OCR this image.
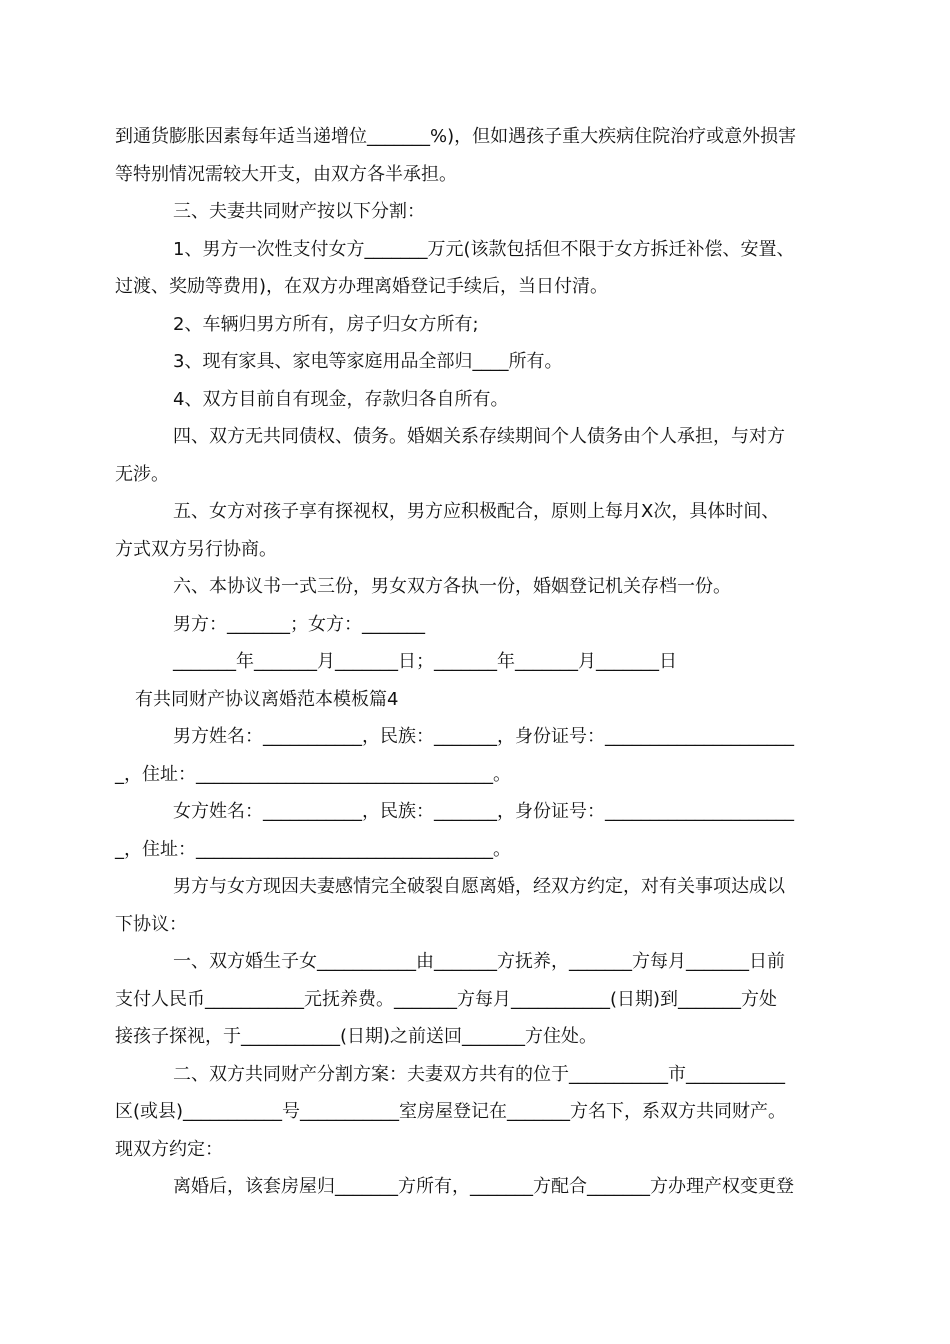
到通货膨胀因素每年适当递增位_______%)，但如遇孩子重大疾病住院治疗或意外损害

等特别情况需较大开支，由双方各半承担。

三、夫妻共同财产按以下分割：

1、男方一次性支付女方_______万元(该款包括但不限于女方拆迁补偿、安置、

过渡、奖励等费用)，在双方办理离婚登记手续后，当日付清。

2、车辆归男方所有，房子归女方所有;

3、现有家具、家电等家庭用品全部归____所有。

4、双方目前自有现金，存款归各自所有。

四、双方无共同债权、债务。婚姻关系存续期间个人债务由个人承担，与对方

无涉。

五、女方对孩子享有探视权，男方应积极配合，原则上每月X次，具体时间、

方式双方另行协商。

六、本协议书一式三份，男女双方各执一份，婚姻登记机关存档一份。

男方：_______；女方：_______

_______年_______月_______日；_______年_______月_______日

有共同财产协议离婚范本模板篇4

男方姓名：___________，民族：_______，身份证号：_____________________

_，住址：_________________________________。

女方姓名：___________，民族：_______，身份证号：_____________________

_，住址：_________________________________。

男方与女方现因夫妻感情完全破裂自愿离婚，经双方约定，对有关事项达成以

下协议：

一、双方婚生子女___________由_______方抚养，_______方每月_______日前

支付人民币___________元抚养费。_______方每月___________(日期)到_______方处

接孩子探视，于___________(日期)之前送回_______方住处。

二、双方共同财产分割方案：夫妻双方共有的位于___________市___________

区(或县)___________号___________室房屋登记在_______方名下，系双方共同财产。

现双方约定：

离婚后，该套房屋归_______方所有，_______方配合_______方办理产权变更登
